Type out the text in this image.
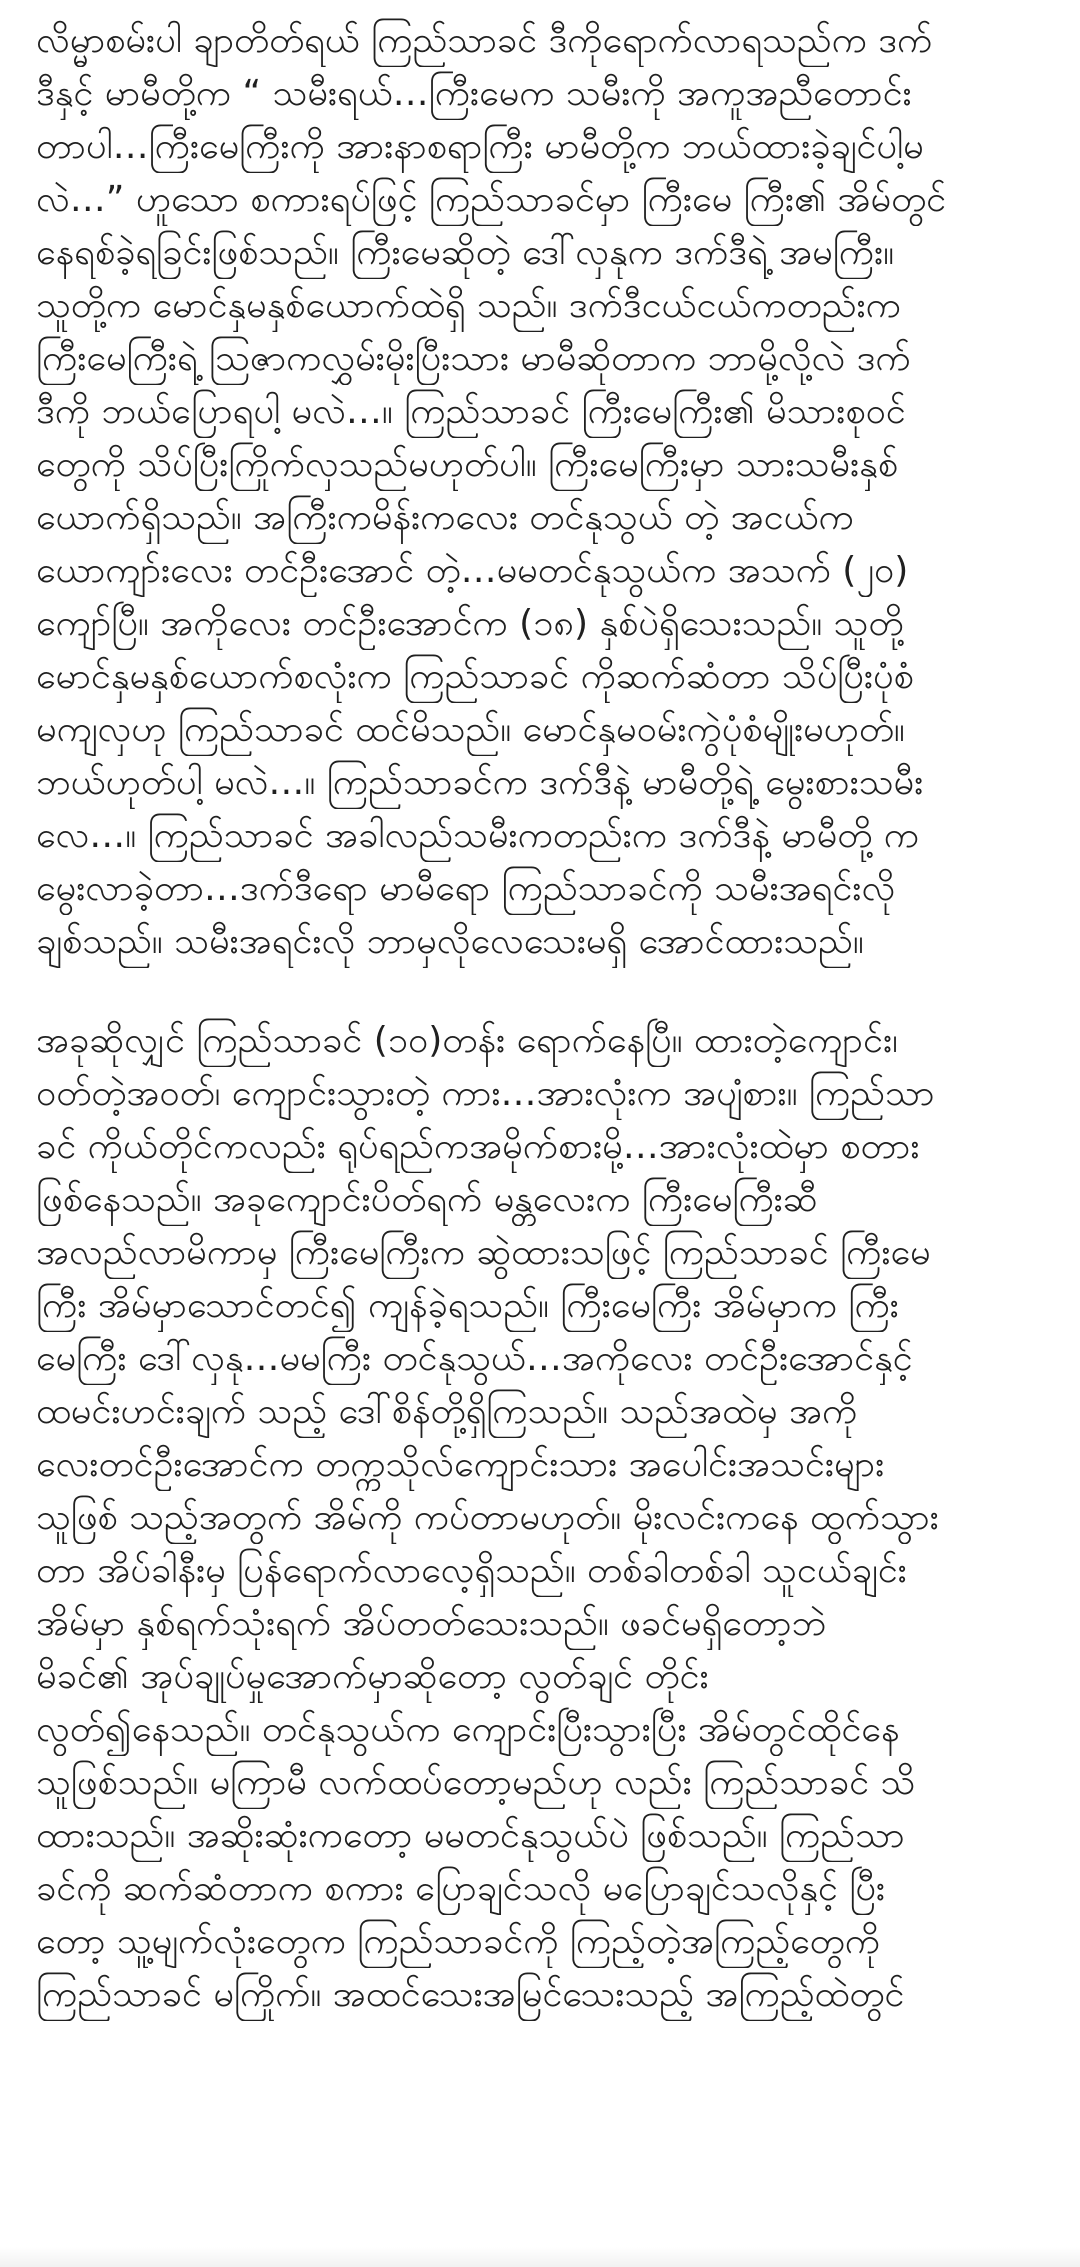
လိမ္မာစမ်းပါ ချာတိတ်ရယ် ကြည်သာခင် ဒီကိုရောက်လာရသည်က ဒက်
ဒီနှင့် မာမီတို့က “ သမီးရယ်…ကြီးမေက သမီးကို အကူအညီတောင်း
တာပါ…ကြီးမေကြီးကို အားနာစရာကြီး မာမီတို့က ဘယ်ထားခဲ့ချင်ပါ့မ
လဲ…” ဟူသော စကားရပ်ဖြင့် ကြည်သာခင်မှာ ကြီးမေ ကြီး၏ အိမ်တွင်
နေရစ်ခဲ့ရခြင်းဖြစ်သည်။ ကြီးမေဆိုတဲ့ ဒေါ်လှနုက ဒက်ဒီရဲ့ အမကြီး။
သူတို့က မောင်နှမနှစ်ယောက်ထဲရှိ သည်။ ဒက်ဒီငယ်ငယ်ကတည်းက
ကြီးမေကြီးရဲ့ သြဇာကလွှမ်းမိုးပြီးသား မာမီဆိုတာက ဘာမို့လို့လဲ ဒက်
ဒီကို ဘယ်ပြောရပါ့ မလဲ…။ ကြည်သာခင် ကြီးမေကြီး၏ မိသားစုဝင်
တွေကို သိပ်ပြီးကြိုက်လှသည်မဟုတ်ပါ။ ကြီးမေကြီးမှာ သားသမီးနှစ်
ယောက်ရှိသည်။ အကြီးကမိန်းကလေး တင်နုသွယ် တဲ့ အငယ်က
ယောကျာ်းလေး တင်ဦးအောင် တဲ့…မမတင်နုသွယ်က အသက် (၂၀)
ကျော်ပြီ။ အကိုလေး တင်ဦးအောင်က (၁၈) နှစ်ပဲရှိသေးသည်။ သူတို့
မောင်နှမနှစ်ယောက်စလုံးက ကြည်သာခင် ကိုဆက်ဆံတာ သိပ်ပြီးပုံစံ
မကျလှဟု ကြည်သာခင် ထင်မိသည်။ မောင်နှမဝမ်းကွဲပုံစံမျိုးမဟုတ်။
ဘယ်ဟုတ်ပါ့ မလဲ…။ ကြည်သာခင်က ဒက်ဒီနဲ့ မာမီတို့ရဲ့ မွေးစားသမီး
လေ…။ ကြည်သာခင် အခါလည်သမီးကတည်းက ဒက်ဒီနဲ့ မာမီတို့ က
မွေးလာခဲ့တာ…ဒက်ဒီရော မာမီရော ကြည်သာခင်ကို သမီးအရင်းလို
ချစ်သည်။ သမီးအရင်းလို ဘာမှလိုလေသေးမရှိ အောင်ထားသည်။
အခုဆိုလျှင် ကြည်သာခင် (၁၀)တန်း ရောက်နေပြီ။ ထားတဲ့ကျောင်း၊
ဝတ်တဲ့အဝတ်၊ ကျောင်းသွားတဲ့ ကား…အားလုံးက အပျံစား။ ကြည်သာ
ခင် ကိုယ်တိုင်ကလည်း ရုပ်ရည်ကအမိုက်စားမို့…အားလုံးထဲမှာ စတား
ဖြစ်နေသည်။ အခုကျောင်းပိတ်ရက် မန္တလေးက ကြီးမေကြီးဆီ
အလည်လာမိကာမှ ကြီးမေကြီးက ဆွဲထားသဖြင့် ကြည်သာခင် ကြီးမေ
ကြီး အိမ်မှာသောင်တင်၍ ကျန်ခဲ့ရသည်။ ကြီးမေကြီး အိမ်မှာက ကြီး
မေကြီး ဒေါ်လှနု…မမကြီး တင်နုသွယ်…အကိုလေး တင်ဦးအောင်နှင့်
ထမင်းဟင်းချက် သည့် ဒေါ်စိန်တို့ရှိကြသည်။ သည်အထဲမှ အကို
လေးတင်ဦးအောင်က တက္ကသိုလ်ကျောင်းသား အပေါင်းအသင်းများ
သူဖြစ် သည့်အတွက် အိမ်ကို ကပ်တာမဟုတ်။ မိုးလင်းကနေ ထွက်သွား
တာ အိပ်ခါနီးမှ ပြန်ရောက်လာလေ့ရှိသည်။ တစ်ခါတစ်ခါ သူငယ်ချင်း
အိမ်မှာ နှစ်ရက်သုံးရက် အိပ်တတ်သေးသည်။ ဖခင်မရှိတော့ဘဲ
မိခင်၏ အုပ်ချုပ်မှုအောက်မှာဆိုတော့ လွတ်ချင် တိုင်း
လွတ်၍နေသည်။ တင်နုသွယ်က ကျောင်းပြီးသွားပြီး အိမ်တွင်ထိုင်နေ
သူဖြစ်သည်။ မကြာမီ လက်ထပ်တော့မည်ဟု လည်း ကြည်သာခင် သိ
ထားသည်။ အဆိုးဆုံးကတော့ မမတင်နုသွယ်ပဲ ဖြစ်သည်။ ကြည်သာ
ခင်ကို ဆက်ဆံတာက စကား ပြောချင်သလို မပြောချင်သလိုနှင့် ပြီး
တော့ သူ့မျက်လုံးတွေက ကြည်သာခင်ကို ကြည့်တဲ့အကြည့်တွေကို
ကြည်သာခင် မကြိုက်။ အထင်သေးအမြင်သေးသည့် အကြည့်ထဲတွင်
